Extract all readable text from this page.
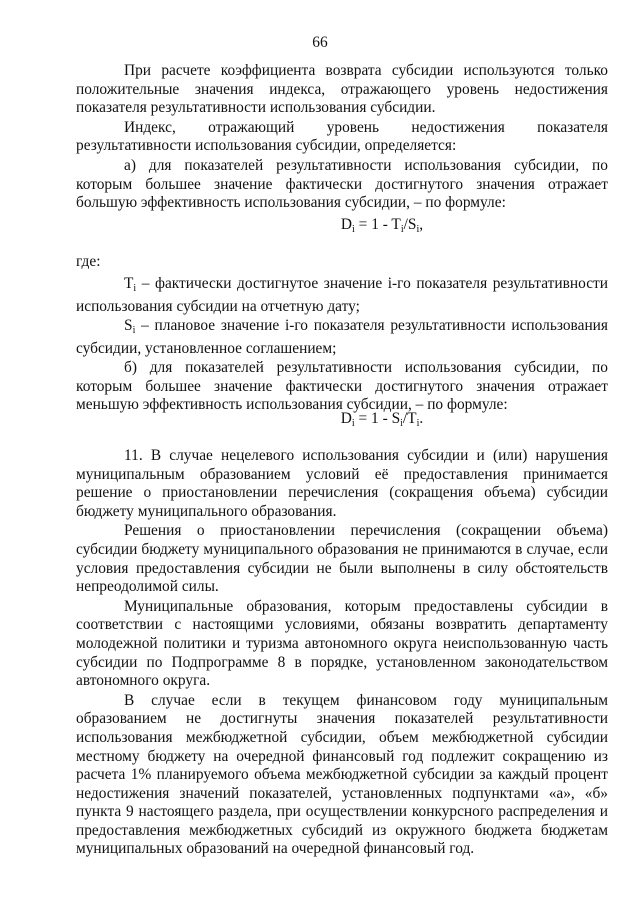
66

При расчете коэффициента возврата субсидии используются только положительные значения индекса, отражающего уровень недостижения показателя результативности использования субсидии.

Индекс, отражающий уровень недостижения показателя результативности использования субсидии, определяется:

а) для показателей результативности использования субсидии, по которым большее значение фактически достигнутого значения отражает большую эффективность использования субсидии, – по формуле:

$D_i = 1 - T_i/S_i$,

где:

$T_i$ – фактически достигнутое значение i-го показателя результативности использования субсидии на отчетную дату;

$S_i$ – плановое значение i-го показателя результативности использования субсидии, установленное соглашением;

б) для показателей результативности использования субсидии, по которым большее значение фактически достигнутого значения отражает меньшую эффективность использования субсидии, – по формуле:

$D_i = 1 - S_i/T_i$.

11. В случае нецелевого использования субсидии и (или) нарушения муниципальным образованием условий её предоставления принимается решение о приостановлении перечисления (сокращения объема) субсидии бюджету муниципального образования.

Решения о приостановлении перечисления (сокращении объема) субсидии бюджету муниципального образования не принимаются в случае, если условия предоставления субсидии не были выполнены в силу обстоятельств непреодолимой силы.

Муниципальные образования, которым предоставлены субсидии в соответствии с настоящими условиями, обязаны возвратить департаменту молодежной политики и туризма автономного округа неиспользованную часть субсидии по Подпрограмме 8 в порядке, установленном законодательством автономного округа.

В случае если в текущем финансовом году муниципальным образованием не достигнуты значения показателей результативности использования межбюджетной субсидии, объем межбюджетной субсидии местному бюджету на очередной финансовый год подлежит сокращению из расчета 1% планируемого объема межбюджетной субсидии за каждый процент недостижения значений показателей, установленных подпунктами «а», «б» пункта 9 настоящего раздела, при осуществлении конкурсного распределения и предоставления межбюджетных субсидий из окружного бюджета бюджетам муниципальных образований на очередной финансовый год.
